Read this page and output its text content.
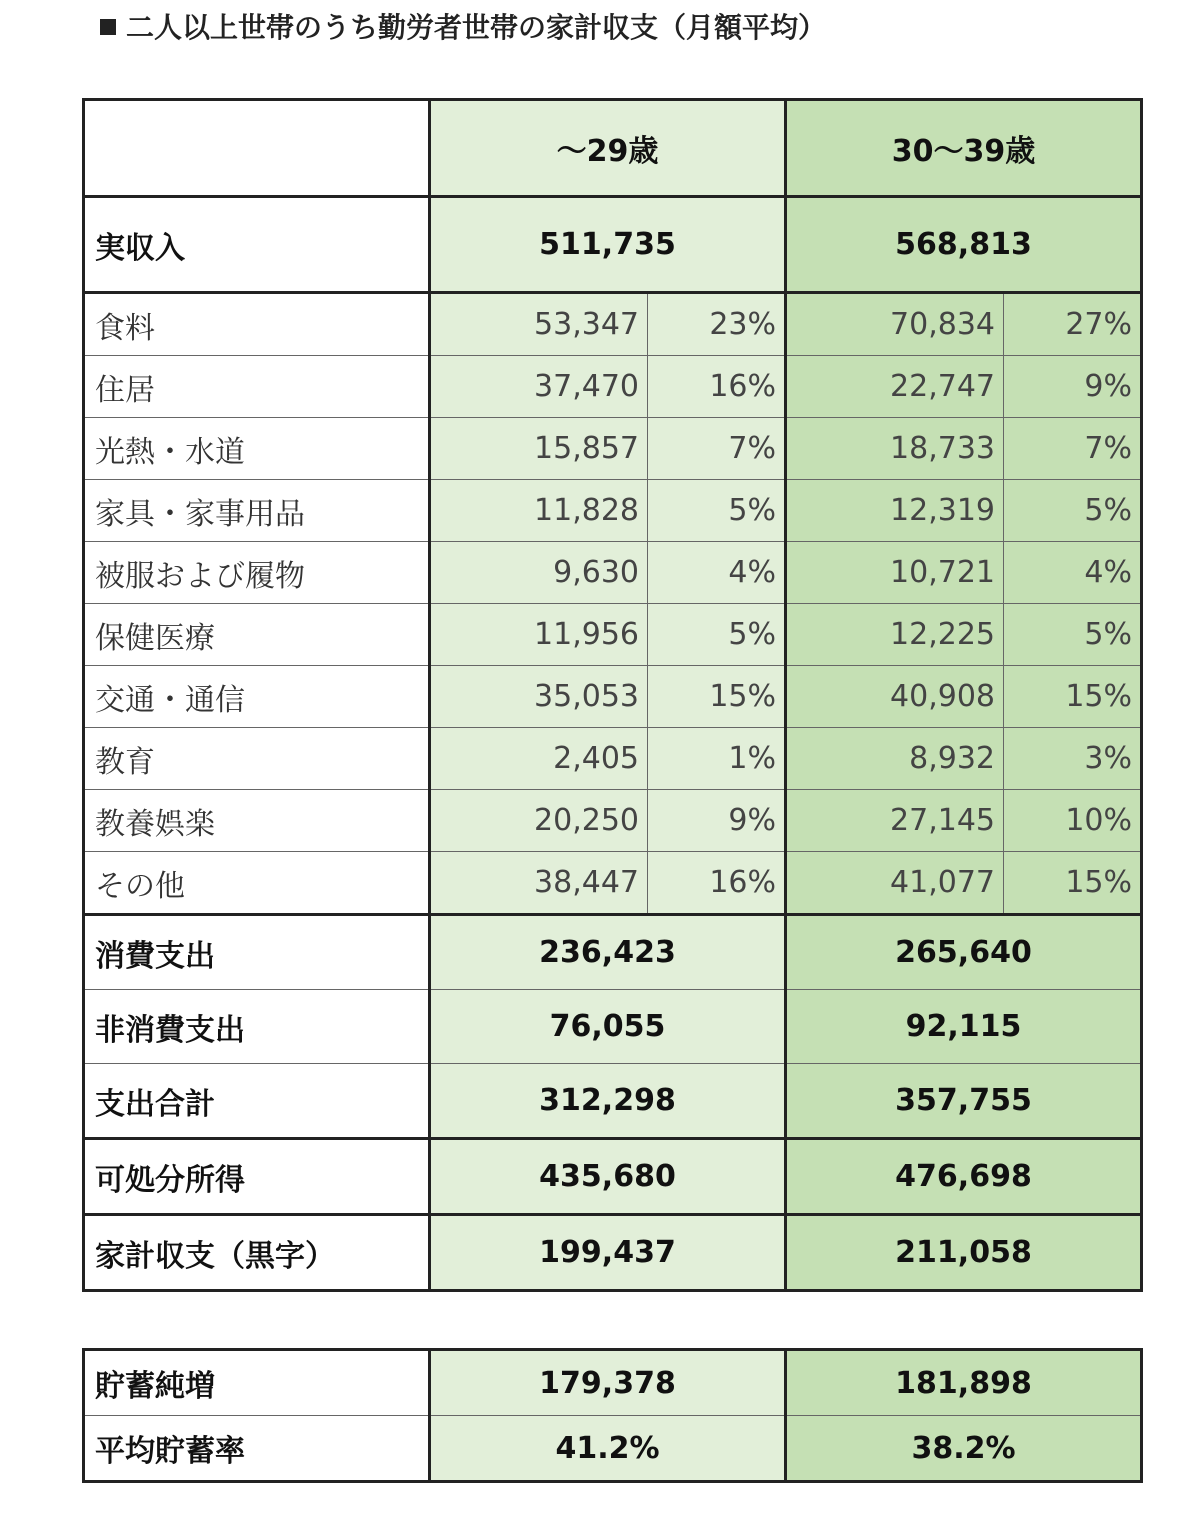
二人以上世帯のうち勤労者世帯の家計収支（月額平均）
	～29歳		30～39歳	
実収入	511,735		568,813	
食料	53,347	23%	70,834	27%
住居	37,470	16%	22,747	9%
光熱・水道	15,857	7%	18,733	7%
家具・家事用品	11,828	5%	12,319	5%
被服および履物	9,630	4%	10,721	4%
保健医療	11,956	5%	12,225	5%
交通・通信	35,053	15%	40,908	15%
教育	2,405	1%	8,932	3%
教養娯楽	20,250	9%	27,145	10%
その他	38,447	16%	41,077	15%
消費支出	236,423		265,640	
非消費支出	76,055		92,115	
支出合計	312,298		357,755	
可処分所得	435,680		476,698	
家計収支（黒字）	199,437		211,058	
貯蓄純増	179,378	181,898
平均貯蓄率	41.2%	38.2%
